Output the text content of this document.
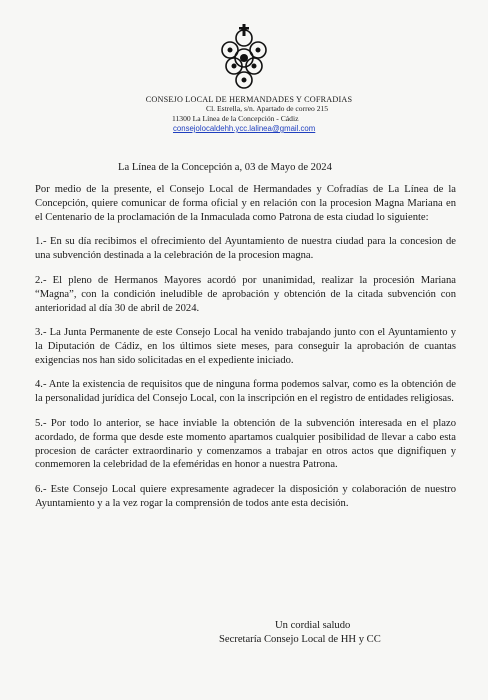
CONSEJO LOCAL DE HERMANDADES Y COFRADIAS
Cl. Estrella, s/n. Apartado de correo 215
11300 La Línea de la Concepción - Cádiz
consejolocaldehh.ycc.lalinea@gmail.com
La Línea de la Concepción a, 03 de Mayo de 2024

Por medio de la presente, el Consejo Local de Hermandades y Cofradías de La Línea de la Concepción, quiere comunicar de forma oficial y en relación con la procesion Magna Mariana en el Centenario de la proclamación de la Inmaculada como Patrona de esta ciudad lo siguiente:

1.- En su día recibimos el ofrecimiento del Ayuntamiento de nuestra ciudad para la concesion de una subvención destinada a la celebración de la procesion magna.

2.- El pleno de Hermanos Mayores acordó por unanimidad, realizar la procesión Mariana “Magna”, con la condición ineludible de aprobación y obtención de la citada subvención con anterioridad al día 30 de abril de 2024.

3.- La Junta Permanente de este Consejo Local ha venido trabajando junto con el Ayuntamiento y la Diputación de Cádiz, en los últimos siete meses, para conseguir la aprobación de cuantas exigencias nos han sido solicitadas en el expediente iniciado.

4.- Ante la existencia de requisitos que de ninguna forma podemos salvar, como es la obtención de la personalidad jurídica del Consejo Local, con la inscripción en el registro de entidades religiosas.

5.- Por todo lo anterior, se hace inviable la obtención de la subvención interesada en el plazo acordado, de forma que desde este momento apartamos cualquier posibilidad de llevar a cabo esta procesion de carácter extraordinario y comenzamos a trabajar en otros actos que dignifiquen y conmemoren la celebridad de la efeméridas en honor a nuestra Patrona.

6.- Este Consejo Local quiere expresamente agradecer la disposición y colaboración de nuestro Ayuntamiento y a la vez rogar la comprensión de todos ante esta decisión.

Un cordial saludo
Secretaría Consejo Local de HH y CC
